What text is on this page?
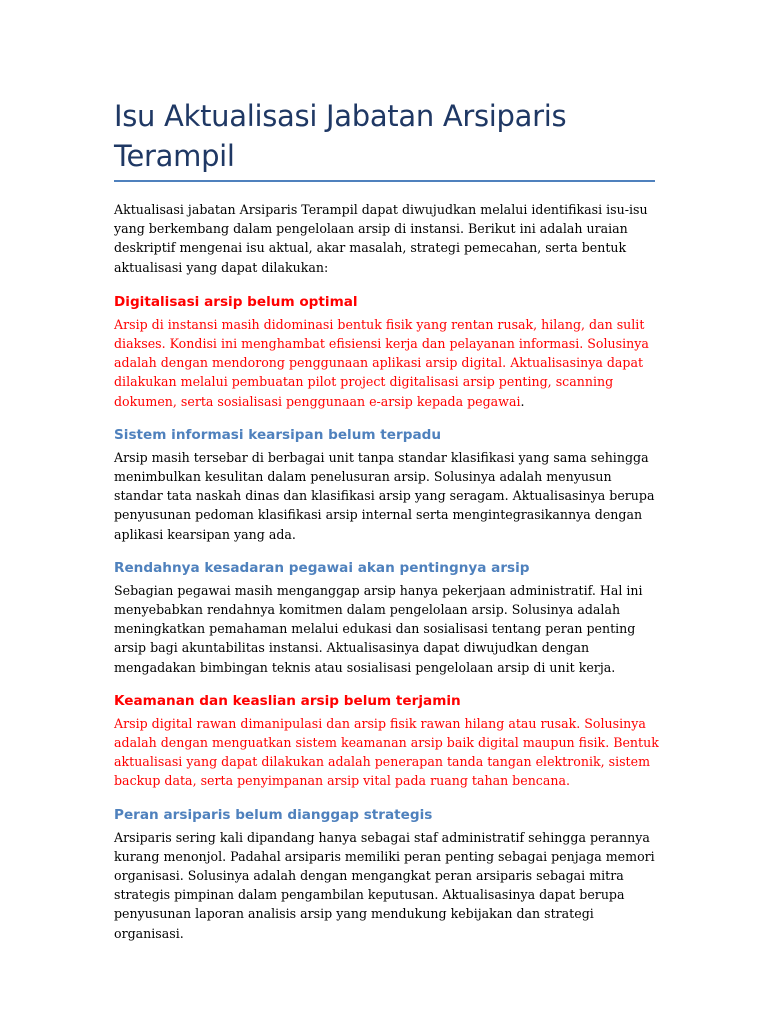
Isu Aktualisasi Jabatan Arsiparis Terampil

Aktualisasi jabatan Arsiparis Terampil dapat diwujudkan melalui identifikasi isu-isu yang berkembang dalam pengelolaan arsip di instansi. Berikut ini adalah uraian deskriptif mengenai isu aktual, akar masalah, strategi pemecahan, serta bentuk aktualisasi yang dapat dilakukan:

Digitalisasi arsip belum optimal

Arsip di instansi masih didominasi bentuk fisik yang rentan rusak, hilang, dan sulit diakses. Kondisi ini menghambat efisiensi kerja dan pelayanan informasi. Solusinya adalah dengan mendorong penggunaan aplikasi arsip digital. Aktualisasinya dapat dilakukan melalui pembuatan pilot project digitalisasi arsip penting, scanning dokumen, serta sosialisasi penggunaan e-arsip kepada pegawai.

Sistem informasi kearsipan belum terpadu

Arsip masih tersebar di berbagai unit tanpa standar klasifikasi yang sama sehingga menimbulkan kesulitan dalam penelusuran arsip. Solusinya adalah menyusun standar tata naskah dinas dan klasifikasi arsip yang seragam. Aktualisasinya berupa penyusunan pedoman klasifikasi arsip internal serta mengintegrasikannya dengan aplikasi kearsipan yang ada.

Rendahnya kesadaran pegawai akan pentingnya arsip

Sebagian pegawai masih menganggap arsip hanya pekerjaan administratif. Hal ini menyebabkan rendahnya komitmen dalam pengelolaan arsip. Solusinya adalah meningkatkan pemahaman melalui edukasi dan sosialisasi tentang peran penting arsip bagi akuntabilitas instansi. Aktualisasinya dapat diwujudkan dengan mengadakan bimbingan teknis atau sosialisasi pengelolaan arsip di unit kerja.

Keamanan dan keaslian arsip belum terjamin

Arsip digital rawan dimanipulasi dan arsip fisik rawan hilang atau rusak. Solusinya adalah dengan menguatkan sistem keamanan arsip baik digital maupun fisik. Bentuk aktualisasi yang dapat dilakukan adalah penerapan tanda tangan elektronik, sistem backup data, serta penyimpanan arsip vital pada ruang tahan bencana.

Peran arsiparis belum dianggap strategis

Arsiparis sering kali dipandang hanya sebagai staf administratif sehingga perannya kurang menonjol. Padahal arsiparis memiliki peran penting sebagai penjaga memori organisasi. Solusinya adalah dengan mengangkat peran arsiparis sebagai mitra strategis pimpinan dalam pengambilan keputusan. Aktualisasinya dapat berupa penyusunan laporan analisis arsip yang mendukung kebijakan dan strategi organisasi.
